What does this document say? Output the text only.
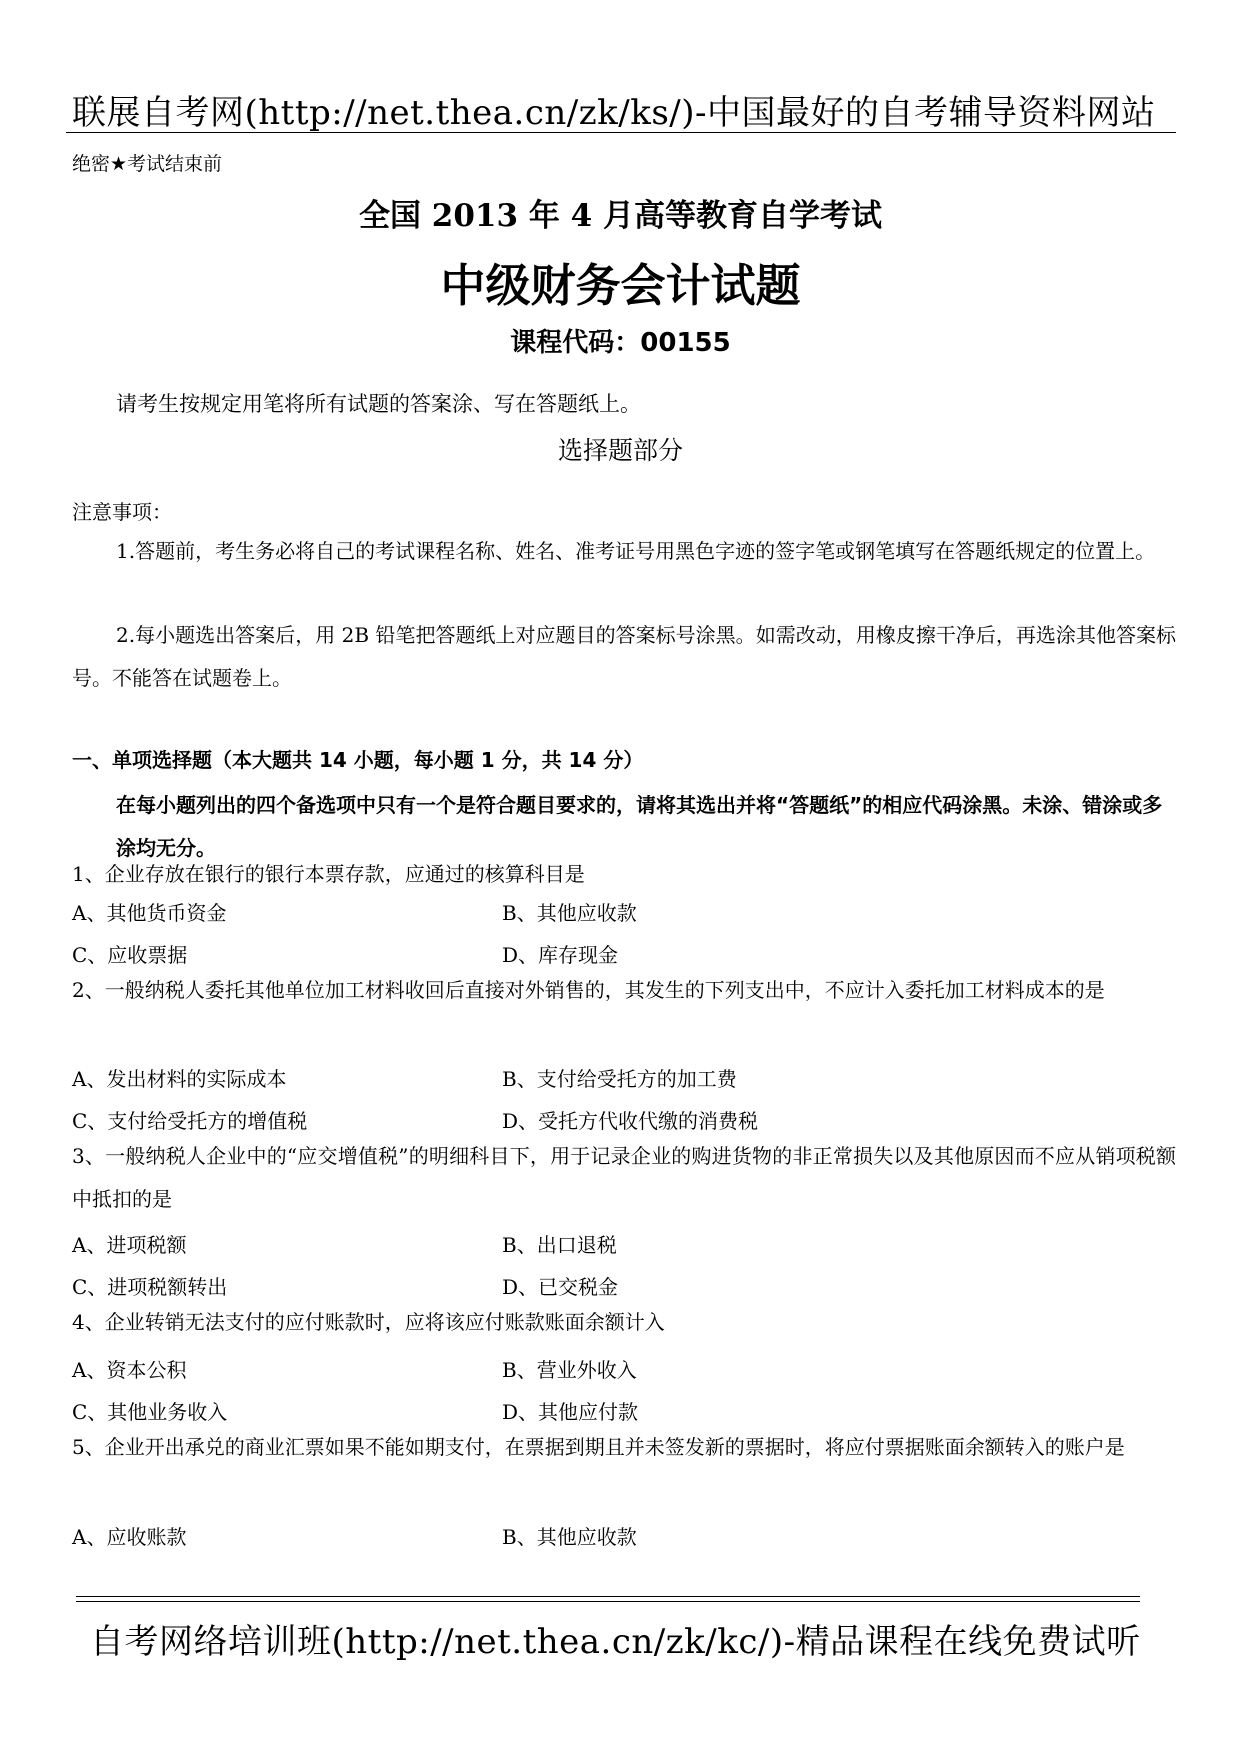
联展自考网(http://net.thea.cn/zk/ks/)-中国最好的自考辅导资料网站
绝密★考试结束前
全国 2013 年 4 月高等教育自学考试
中级财务会计试题
课程代码：00155
请考生按规定用笔将所有试题的答案涂、写在答题纸上。
选择题部分
注意事项：
1.答题前，考生务必将自己的考试课程名称、姓名、准考证号用黑色字迹的签字笔或钢笔填写在答题纸规定的位置上。
2.每小题选出答案后，用 2B 铅笔把答题纸上对应题目的答案标号涂黑。如需改动，用橡皮擦干净后，再选涂其他答案标号。不能答在试题卷上。
一、单项选择题（本大题共 14 小题，每小题 1 分，共 14 分）
在每小题列出的四个备选项中只有一个是符合题目要求的，请将其选出并将“答题纸”的相应代码涂黑。未涂、错涂或多涂均无分。
1、企业存放在银行的银行本票存款，应通过的核算科目是
A、其他货币资金	B、其他应收款
C、应收票据	D、库存现金
2、一般纳税人委托其他单位加工材料收回后直接对外销售的，其发生的下列支出中，不应计入委托加工材料成本的是
A、发出材料的实际成本	B、支付给受托方的加工费
C、支付给受托方的增值税	D、受托方代收代缴的消费税
3、一般纳税人企业中的“应交增值税”的明细科目下，用于记录企业的购进货物的非正常损失以及其他原因而不应从销项税额中抵扣的是
A、进项税额	B、出口退税
C、进项税额转出	D、已交税金
4、企业转销无法支付的应付账款时，应将该应付账款账面余额计入
A、资本公积	B、营业外收入
C、其他业务收入	D、其他应付款
5、企业开出承兑的商业汇票如果不能如期支付，在票据到期且并未签发新的票据时，将应付票据账面余额转入的账户是
A、应收账款	B、其他应收款
自考网络培训班(http://net.thea.cn/zk/kc/)-精品课程在线免费试听
